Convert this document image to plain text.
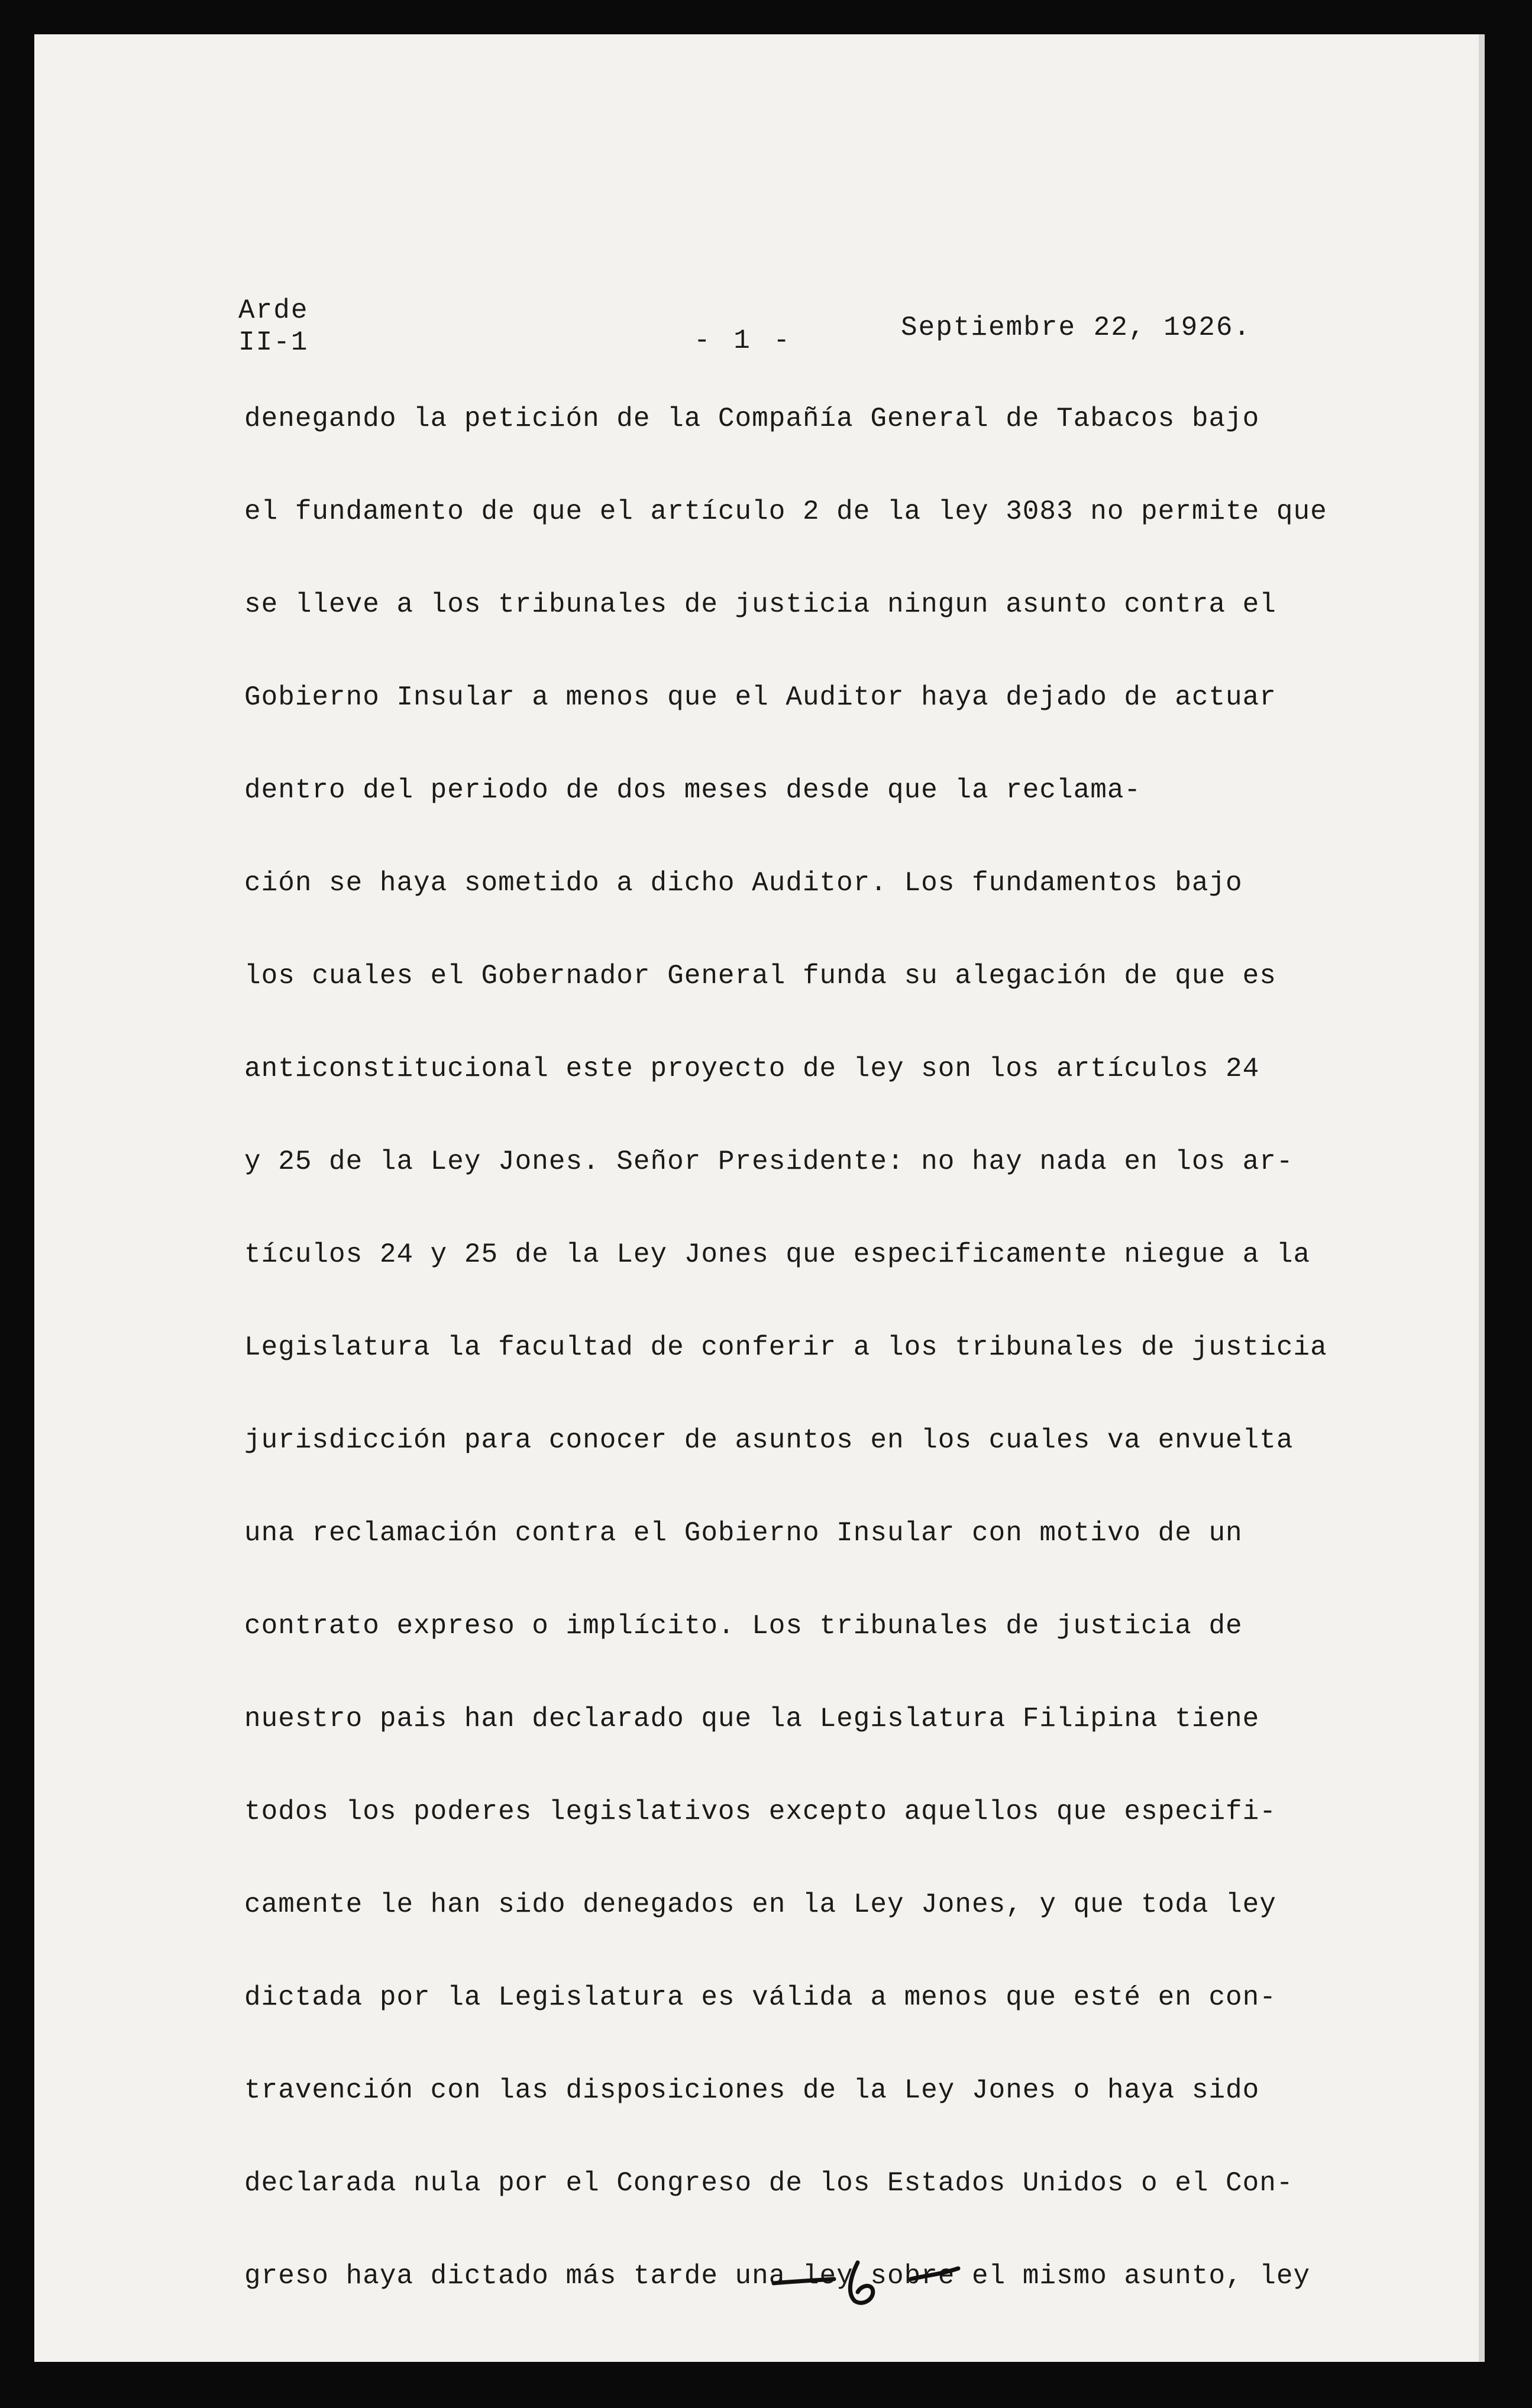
Arde
II-1	- 1 -	Septiembre 22, 1926.
denegando la petición de la Compañía General de Tabacos bajo
el fundamento de que el artículo 2 de la ley 3083 no permite que
se lleve a los tribunales de justicia ningun asunto contra el
Gobierno Insular a menos que el Auditor haya dejado de actuar
dentro del periodo de dos meses desde que la reclama-
ción se haya sometido a dicho Auditor. Los fundamentos bajo
los cuales el Gobernador General funda su alegación de que es
anticonstitucional este proyecto de ley son los artículos 24
y 25 de la Ley Jones. Señor Presidente: no hay nada en los ar-
tículos 24 y 25 de la Ley Jones que especificamente niegue a la
Legislatura la facultad de conferir a los tribunales de justicia
jurisdicción para conocer de asuntos en los cuales va envuelta
una reclamación contra el Gobierno Insular con motivo de un
contrato expreso o implícito. Los tribunales de justicia de
nuestro pais han declarado que la Legislatura Filipina tiene
todos los poderes legislativos excepto aquellos que especifi-
camente le han sido denegados en la Ley Jones, y que toda ley
dictada por la Legislatura es válida a menos que esté en con-
travención con las disposiciones de la Ley Jones o haya sido
declarada nula por el Congreso de los Estados Unidos o el Con-
greso haya dictado más tarde una ley sobre el mismo asunto, ley
